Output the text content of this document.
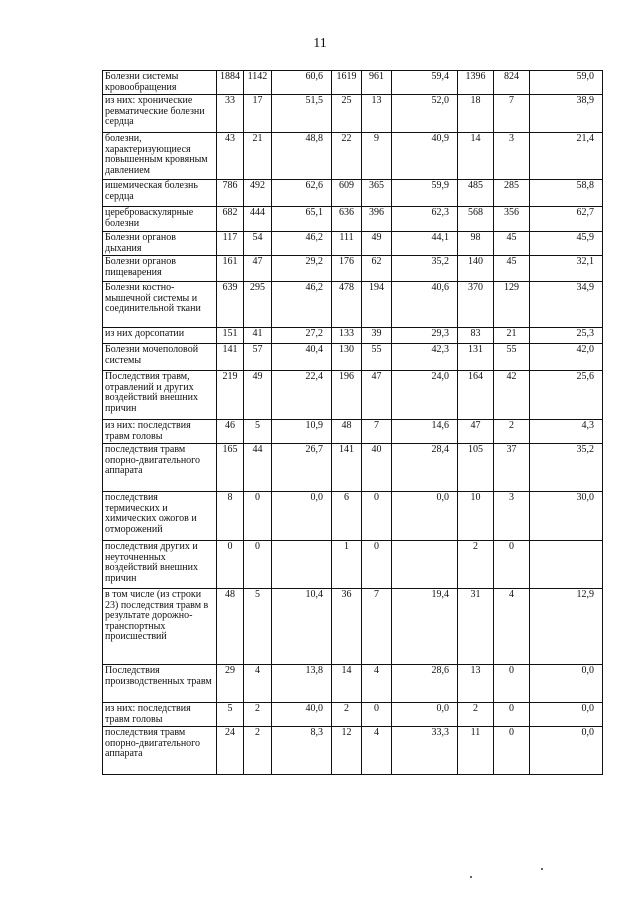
11
Болезни системы кровообращения	1884	1142	60,6	1619	961	59,4	1396	824	59,0
из них: хронические ревматические болезни сердца	33	17	51,5	25	13	52,0	18	7	38,9
болезни, характеризующиеся повышенным кровяным давлением	43	21	48,8	22	9	40,9	14	3	21,4
ишемическая болезнь сердца	786	492	62,6	609	365	59,9	485	285	58,8
цереброваскулярные болезни	682	444	65,1	636	396	62,3	568	356	62,7
Болезни органов дыхания	117	54	46,2	111	49	44,1	98	45	45,9
Болезни органов пищеварения	161	47	29,2	176	62	35,2	140	45	32,1
Болезни костно-мышечной системы и соединительной ткани	639	295	46,2	478	194	40,6	370	129	34,9
из них дорсопатии	151	41	27,2	133	39	29,3	83	21	25,3
Болезни мочеполовой системы	141	57	40,4	130	55	42,3	131	55	42,0
Последствия травм, отравлений и других воздействий внешних причин	219	49	22,4	196	47	24,0	164	42	25,6
из них: последствия травм головы	46	5	10,9	48	7	14,6	47	2	4,3
последствия травм опорно-двигательного аппарата	165	44	26,7	141	40	28,4	105	37	35,2
последствия термических и химических ожогов и отморожений	8	0	0,0	6	0	0,0	10	3	30,0
последствия других и неуточненных воздействий внешних причин	0	0		1	0		2	0	
в том числе (из строки 23) последствия травм в результате дорожно-транспортных происшествий	48	5	10,4	36	7	19,4	31	4	12,9
Последствия производственных травм	29	4	13,8	14	4	28,6	13	0	0,0
из них: последствия травм головы	5	2	40,0	2	0	0,0	2	0	0,0
последствия травм опорно-двигательного аппарата	24	2	8,3	12	4	33,3	11	0	0,0
